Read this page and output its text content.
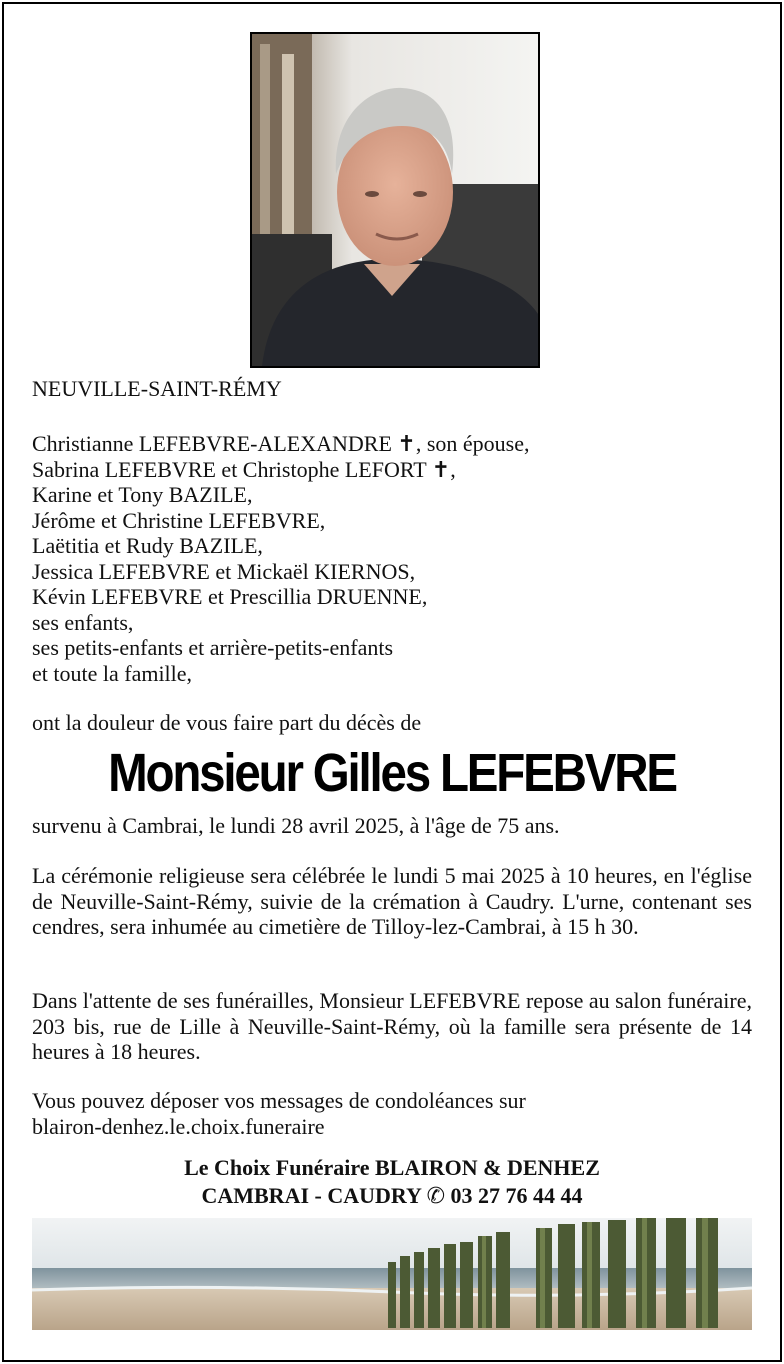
NEUVILLE-SAINT-RÉMY
Christianne LEFEBVRE-ALEXANDRE ✝, son épouse,
Sabrina LEFEBVRE et Christophe LEFORT ✝,
Karine et Tony BAZILE,
Jérôme et Christine LEFEBVRE,
Laëtitia et Rudy BAZILE,
Jessica LEFEBVRE et Mickaël KIERNOS,
Kévin LEFEBVRE et Prescillia DRUENNE,
ses enfants,
ses petits-enfants et arrière-petits-enfants
et toute la famille,
ont la douleur de vous faire part du décès de
Monsieur Gilles LEFEBVRE
survenu à Cambrai, le lundi 28 avril 2025, à l'âge de 75 ans.
La cérémonie religieuse sera célébrée le lundi 5 mai 2025 à 10 heures, en l'église de Neuville-Saint-Rémy, suivie de la crémation à Caudry. L'urne, contenant ses cendres, sera inhumée au cimetière de Tilloy-lez-Cambrai, à 15 h 30.
Dans l'attente de ses funérailles, Monsieur LEFEBVRE repose au salon funéraire, 203 bis, rue de Lille à Neuville-Saint-Rémy, où la famille sera présente de 14 heures à 18 heures.
Vous pouvez déposer vos messages de condoléances sur
blairon-denhez.le.choix.funeraire
Le Choix Funéraire BLAIRON & DENHEZ
CAMBRAI - CAUDRY ✆ 03 27 76 44 44
